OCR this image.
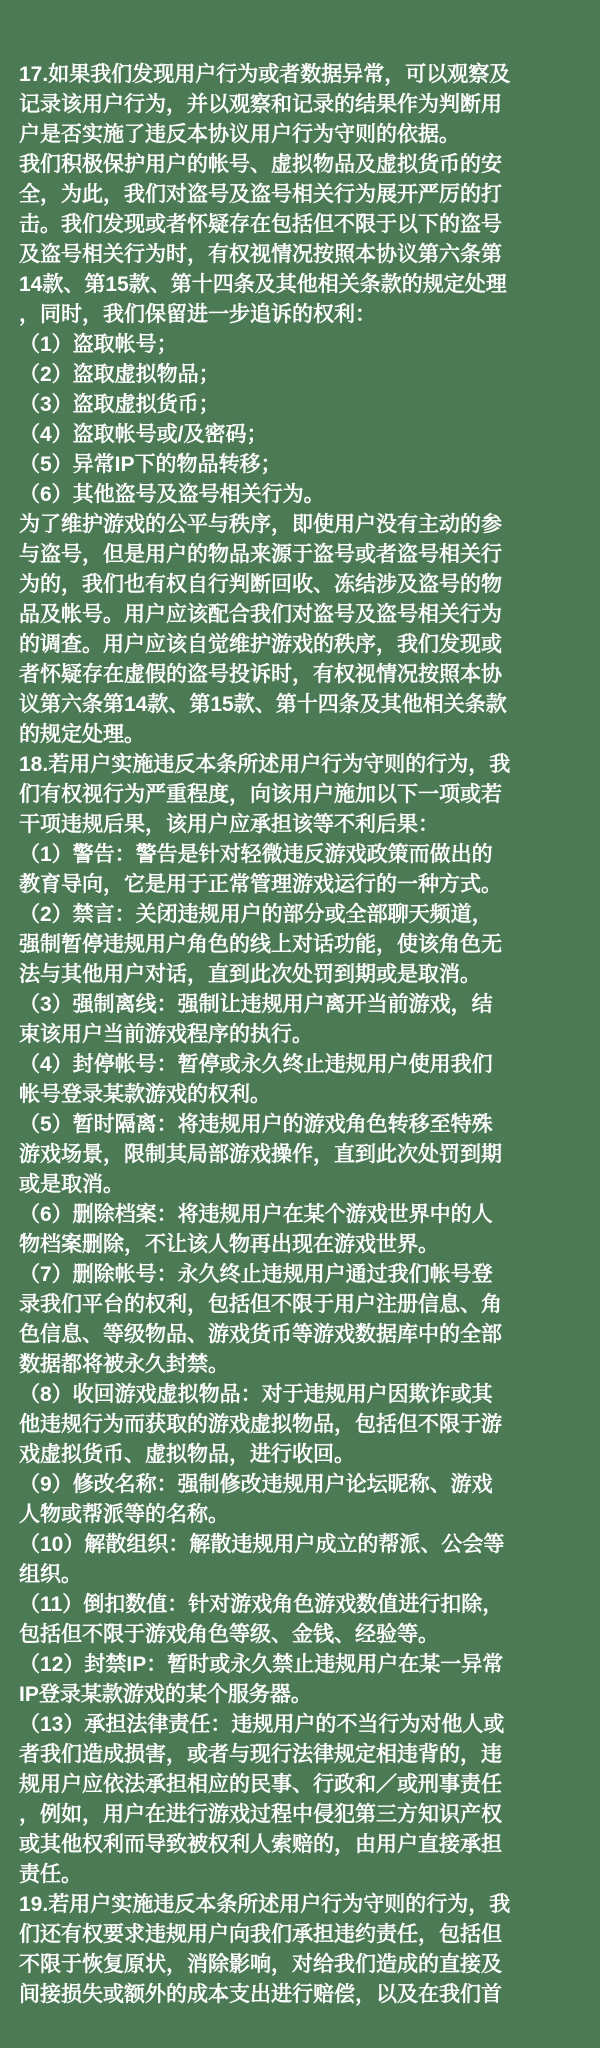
17.如果我们发现用户行为或者数据异常，可以观察及
记录该用户行为，并以观察和记录的结果作为判断用
户是否实施了违反本协议用户行为守则的依据。
我们积极保护用户的帐号、虚拟物品及虚拟货币的安
全，为此，我们对盗号及盗号相关行为展开严厉的打
击。我们发现或者怀疑存在包括但不限于以下的盗号
及盗号相关行为时，有权视情况按照本协议第六条第
14款、第15款、第十四条及其他相关条款的规定处理
，同时，我们保留进一步追诉的权利：
（1）盗取帐号；
（2）盗取虚拟物品；
（3）盗取虚拟货币；
（4）盗取帐号或/及密码；
（5）异常IP下的物品转移；
（6）其他盗号及盗号相关行为。
为了维护游戏的公平与秩序，即使用户没有主动的参
与盗号，但是用户的物品来源于盗号或者盗号相关行
为的，我们也有权自行判断回收、冻结涉及盗号的物
品及帐号。用户应该配合我们对盗号及盗号相关行为
的调查。用户应该自觉维护游戏的秩序，我们发现或
者怀疑存在虚假的盗号投诉时，有权视情况按照本协
议第六条第14款、第15款、第十四条及其他相关条款
的规定处理。
18.若用户实施违反本条所述用户行为守则的行为，我
们有权视行为严重程度，向该用户施加以下一项或若
干项违规后果，该用户应承担该等不利后果：
（1）警告：警告是针对轻微违反游戏政策而做出的
教育导向，它是用于正常管理游戏运行的一种方式。
（2）禁言：关闭违规用户的部分或全部聊天频道，
强制暂停违规用户角色的线上对话功能，使该角色无
法与其他用户对话，直到此次处罚到期或是取消。
（3）强制离线：强制让违规用户离开当前游戏，结
束该用户当前游戏程序的执行。
（4）封停帐号：暂停或永久终止违规用户使用我们
帐号登录某款游戏的权利。
（5）暂时隔离：将违规用户的游戏角色转移至特殊
游戏场景，限制其局部游戏操作，直到此次处罚到期
或是取消。
（6）删除档案：将违规用户在某个游戏世界中的人
物档案删除，不让该人物再出现在游戏世界。
（7）删除帐号：永久终止违规用户通过我们帐号登
录我们平台的权利，包括但不限于用户注册信息、角
色信息、等级物品、游戏货币等游戏数据库中的全部
数据都将被永久封禁。
（8）收回游戏虚拟物品：对于违规用户因欺诈或其
他违规行为而获取的游戏虚拟物品，包括但不限于游
戏虚拟货币、虚拟物品，进行收回。
（9）修改名称：强制修改违规用户论坛昵称、游戏
人物或帮派等的名称。
（10）解散组织：解散违规用户成立的帮派、公会等
组织。
（11）倒扣数值：针对游戏角色游戏数值进行扣除，
包括但不限于游戏角色等级、金钱、经验等。
（12）封禁IP：暂时或永久禁止违规用户在某一异常
IP登录某款游戏的某个服务器。
（13）承担法律责任：违规用户的不当行为对他人或
者我们造成损害，或者与现行法律规定相违背的，违
规用户应依法承担相应的民事、行政和／或刑事责任
，例如，用户在进行游戏过程中侵犯第三方知识产权
或其他权利而导致被权利人索赔的，由用户直接承担
责任。
19.若用户实施违反本条所述用户行为守则的行为，我
们还有权要求违规用户向我们承担违约责任，包括但
不限于恢复原状，消除影响，对给我们造成的直接及
间接损失或额外的成本支出进行赔偿，以及在我们首
